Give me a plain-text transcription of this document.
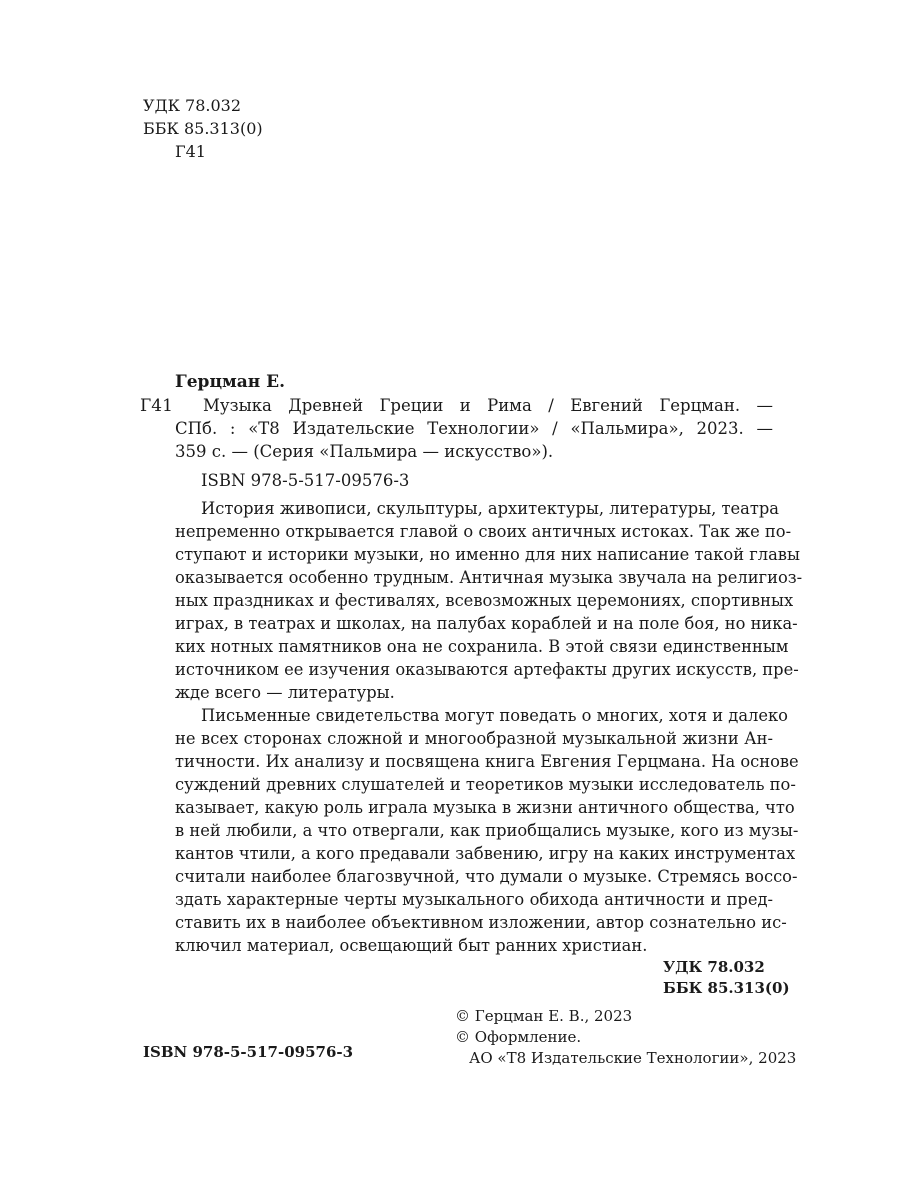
УДК 78.032
ББК 85.313(0)
Г41
Герцман Е.
Г41 Музыка Древней Греции и Рима / Евгений Герцман. —
СПб. : «Т8 Издательские Технологии» / «Пальмира», 2023. —
359 с. — (Серия «Пальмира — искусство»).
ISBN 978-5-517-09576-3
История живописи, скульптуры, архитектуры, литературы, театра
непременно открывается главой о своих античных истоках. Так же по-
ступают и историки музыки, но именно для них написание такой главы
оказывается особенно трудным. Античная музыка звучала на религиоз-
ных праздниках и фестивалях, всевозможных церемониях, спортивных
играх, в театрах и школах, на палубах кораблей и на поле боя, но ника-
ких нотных памятников она не сохранила. В этой связи единственным
источником ее изучения оказываются артефакты других искусств, пре-
жде всего — литературы.
Письменные свидетельства могут поведать о многих, хотя и далеко
не всех сторонах сложной и многообразной музыкальной жизни Ан-
тичности. Их анализу и посвящена книга Евгения Герцмана. На основе
суждений древних слушателей и теоретиков музыки исследователь по-
казывает, какую роль играла музыка в жизни античного общества, что
в ней любили, а что отвергали, как приобщались музыке, кого из музы-
кантов чтили, а кого предавали забвению, игру на каких инструментах
считали наиболее благозвучной, что думали о музыке. Стремясь воссо-
здать характерные черты музыкального обихода античности и пред-
ставить их в наиболее объективном изложении, автор сознательно ис-
ключил материал, освещающий быт ранних христиан.
УДК 78.032
ББК 85.313(0)
© Герцман Е. В., 2023
© Оформление.
АО «Т8 Издательские Технологии», 2023
ISBN 978-5-517-09576-3
